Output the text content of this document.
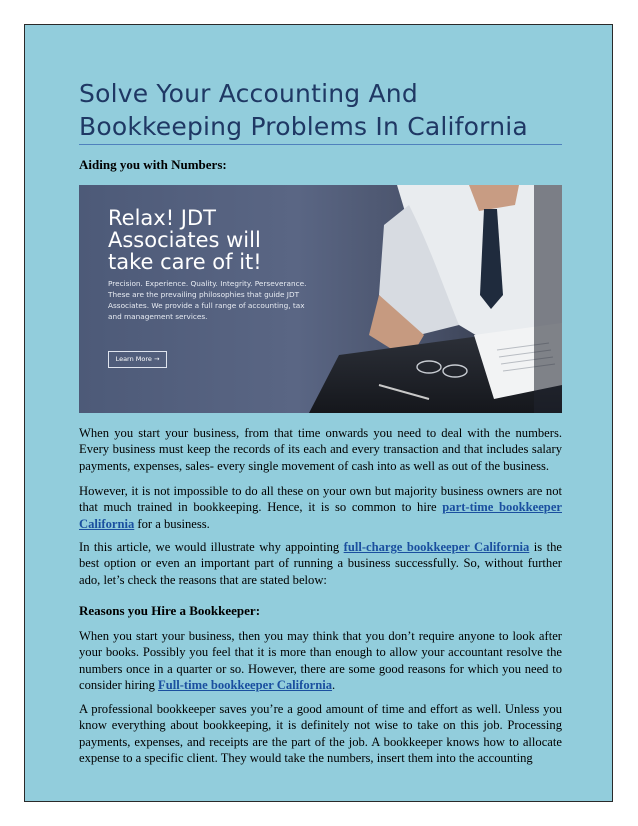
Solve Your Accounting And Bookkeeping Problems In California

Aiding you with Numbers:

Relax! JDT Associates will take care of it!

Precision. Experience. Quality. Integrity. Perseverance. These are the prevailing philosophies that guide JDT Associates. We provide a full range of accounting, tax and management services.

Learn More →

When you start your business, from that time onwards you need to deal with the numbers. Every business must keep the records of its each and every transaction and that includes salary payments, expenses, sales- every single movement of cash into as well as out of the business.

However, it is not impossible to do all these on your own but majority business owners are not that much trained in bookkeeping. Hence, it is so common to hire part-time bookkeeper California for a business.

In this article, we would illustrate why appointing full-charge bookkeeper California is the best option or even an important part of running a business successfully. So, without further ado, let’s check the reasons that are stated below:

Reasons you Hire a Bookkeeper:

When you start your business, then you may think that you don’t require anyone to look after your books. Possibly you feel that it is more than enough to allow your accountant resolve the numbers once in a quarter or so. However, there are some good reasons for which you need to consider hiring Full-time bookkeeper California.

A professional bookkeeper saves you’re a good amount of time and effort as well. Unless you know everything about bookkeeping, it is definitely not wise to take on this job. Processing payments, expenses, and receipts are the part of the job. A bookkeeper knows how to allocate expense to a specific client. They would take the numbers, insert them into the accounting
